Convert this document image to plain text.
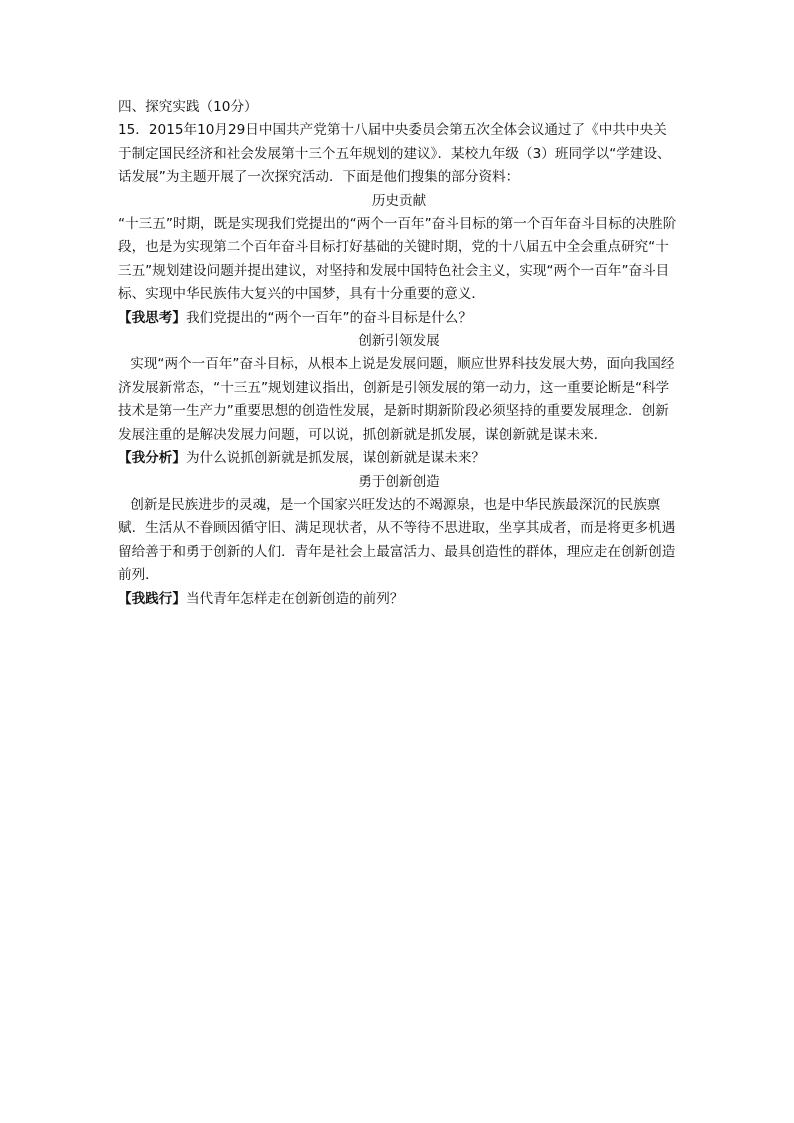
四、探究实践（10分）

15．2015年10月29日中国共产党第十八届中央委员会第五次全体会议通过了《中共中央关于制定国民经济和社会发展第十三个五年规划的建议》．某校九年级（3）班同学以“学建设、话发展”为主题开展了一次探究活动．下面是他们搜集的部分资料：

历史贡献

“十三五”时期，既是实现我们党提出的“两个一百年”奋斗目标的第一个百年奋斗目标的决胜阶段，也是为实现第二个百年奋斗目标打好基础的关键时期，党的十八届五中全会重点研究“十三五”规划建设问题并提出建议，对坚持和发展中国特色社会主义，实现“两个一百年”奋斗目标、实现中华民族伟大复兴的中国梦，具有十分重要的意义．

【我思考】我们党提出的“两个一百年”的奋斗目标是什么？

创新引领发展

实现“两个一百年”奋斗目标，从根本上说是发展问题，顺应世界科技发展大势，面向我国经济发展新常态，“十三五”规划建议指出，创新是引领发展的第一动力，这一重要论断是“科学技术是第一生产力”重要思想的创造性发展，是新时期新阶段必须坚持的重要发展理念．创新发展注重的是解决发展力问题，可以说，抓创新就是抓发展，谋创新就是谋未来．

【我分析】为什么说抓创新就是抓发展，谋创新就是谋未来？

勇于创新创造

创新是民族进步的灵魂，是一个国家兴旺发达的不竭源泉，也是中华民族最深沉的民族禀赋．生活从不眷顾因循守旧、满足现状者，从不等待不思进取，坐享其成者，而是将更多机遇留给善于和勇于创新的人们．青年是社会上最富活力、最具创造性的群体，理应走在创新创造前列．

【我践行】当代青年怎样走在创新创造的前列？
